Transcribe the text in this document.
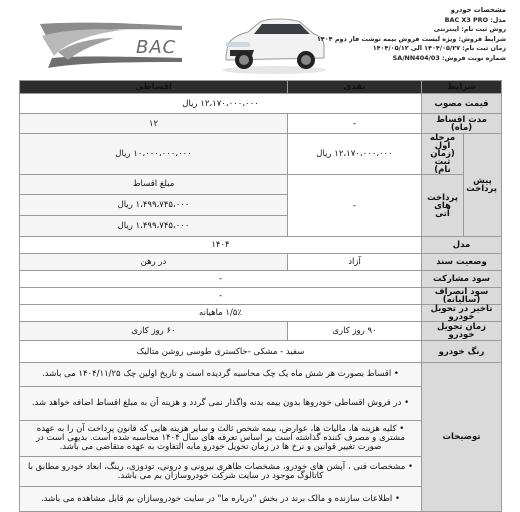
BAC
مشخصات خودرو
مدل: BAC X3 PRO
روش ثبت نام: اینترنتی
شرایط فروش: ویژه لیست فروش بیمه نوشت فاز دوم ۱۴۰۴
زمان ثبت نام: ۱۴۰۴/۰۵/۲۷ الی ۱۴۰۴/۰۵/۱۲
شماره نوبت فروش: SA/NN404/03
شرایط		نقدی	اقساطی
قیمت مصوب		۱۲،۱۷۰،۰۰۰،۰۰۰ ریال	
مدت اقساط (ماه)		-	۱۲
پیش پرداخت	مرحله اول (زمان ثبت نام)	۱۲،۱۷۰،۰۰۰،۰۰۰ ریال	۱۰،۰۰۰،۰۰۰،۰۰۰ ریال
	پرداخت های آتی	-	مبلغ اقساط
۱،۴۹۹،۷۴۵،۰۰۰ ریال
۱،۴۹۹،۷۴۵،۰۰۰ ریال

مدل		۱۴۰۴	
وضعیت سند		آزاد	در رهن
سود مشارکت		-	
سود انصراف (سالیانه)		-	
تاخیر در تحویل خودرو		۱/۵٪ ماهیانه	
زمان تحویل خودرو		۹۰ روز کاری	۶۰ روز کاری
رنگ خودرو		سفید - مشکی -خاکستری طوسی روشن متالیک	
توضیحات		• اقساط بصورت هر شش ماه یک چک محاسبه گردیده است و تاریخ اولین چک ۱۴۰۴/۱۱/۲۵ می باشد.	
		• در فروش اقساطی خودروها بدون بیمه بدنه واگذار نمی گردد و هزینه آن به مبلغ اقساط اضافه خواهد شد.	
		• کلیه هزینه ها، مالیات ها، عوارض، بیمه شخص ثالث و سایر هزینه هایی که قانون پرداخت آن را به عهده مشتری و مصرف کننده گذاشته است بر اساس تعرفه های سال ۱۴۰۴ محاسبه شده است. بدیهی است در صورت تغییر قوانین و نرخ ها در زمان تحویل خودرو مابه التفاوت به عهده متقاضی می باشد.	
		• مشخصات فنی ، آپشن های خودرو، مشخصات ظاهری بیرونی و درونی، تودوزی، رینگ، ابعاد خودرو مطابق با کاتالوگ موجود در سایت شرکت خودروسازان بم می باشد.	
		• اطلاعات سازنده و مالک برند در بخش "درباره ما" در سایت خودروسازان بم قابل مشاهده می باشد.	
